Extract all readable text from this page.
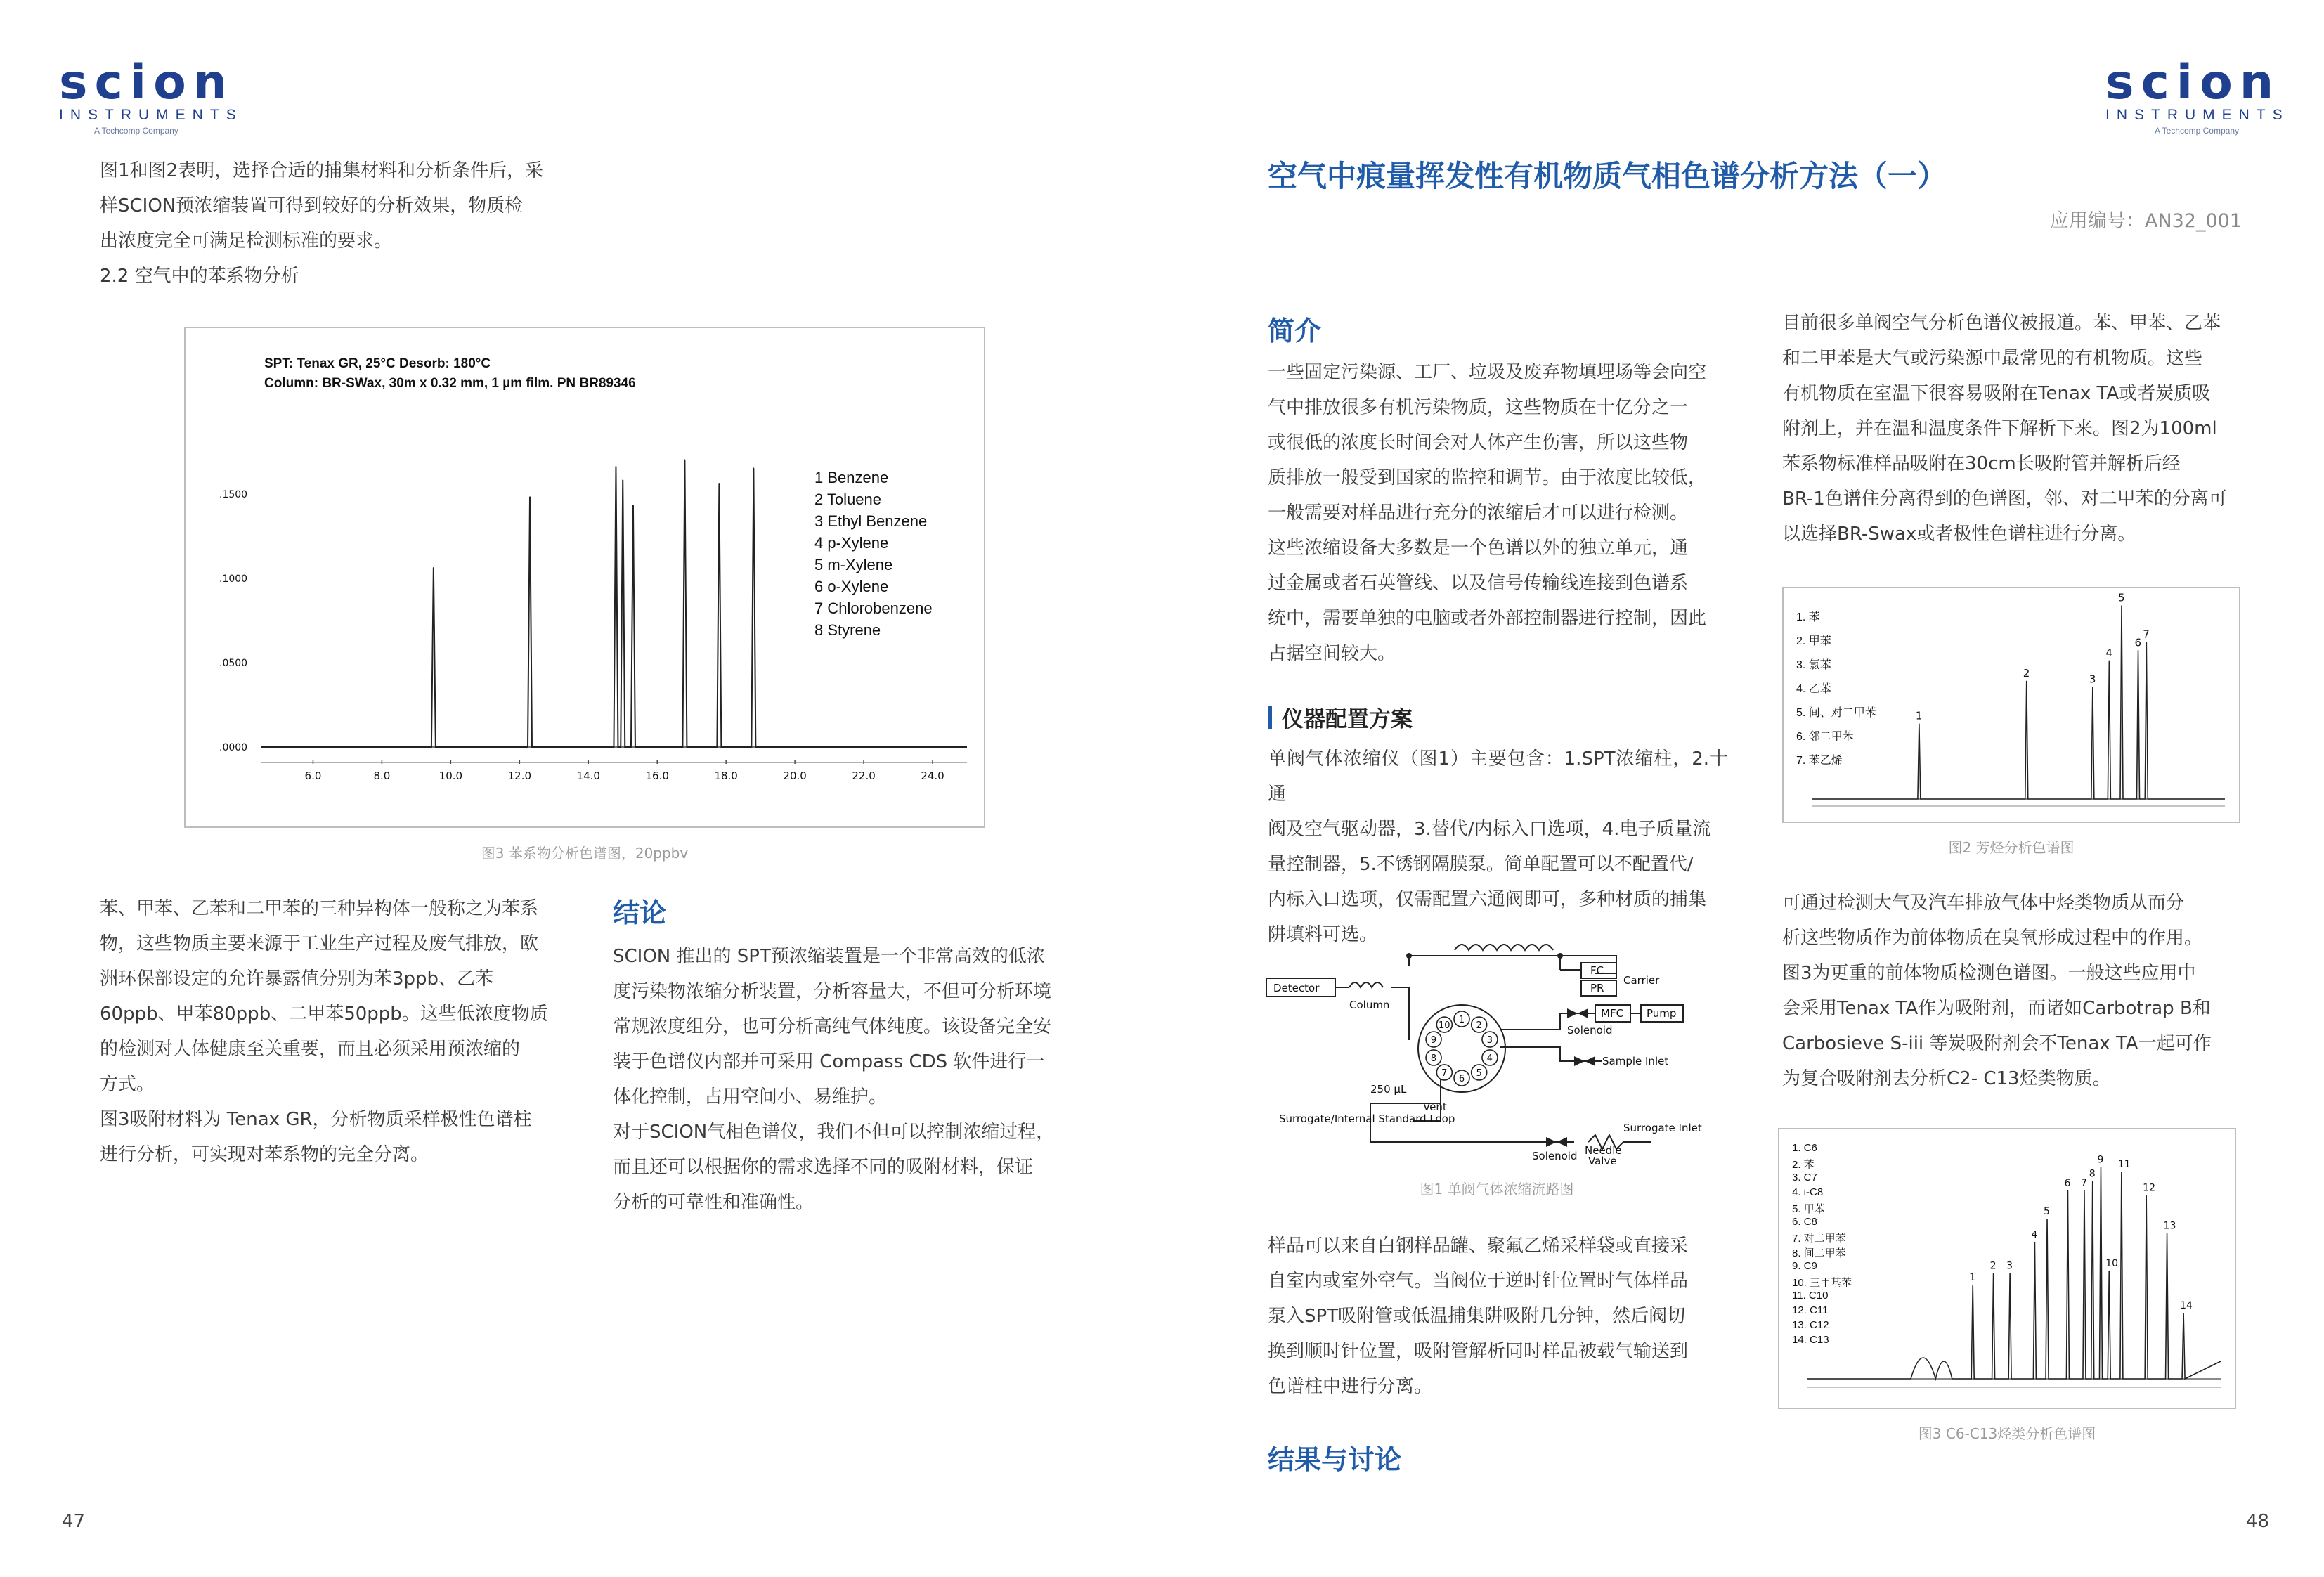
scion
INSTRUMENTS
A Techcomp Company

图1和图2表明，选择合适的捕集材料和分析条件后，采

样SCION预浓缩装置可得到较好的分析效果，物质检

出浓度完全可满足检测标准的要求。

2.2 空气中的苯系物分析

SPT: Tenax GR, 25°C Desorb: 180°C
Column: BR-SWax, 30m x 0.32 mm, 1 µm film. PN BR89346
6.0	8.0	10.0	12.0	14.0	16.0	18.0	20.0	22.0	24.0
.0000
.0500
.1000
.1500
1 Benzene
2 Toluene
3 Ethyl Benzene
4 p-Xylene
5 m-Xylene
6 o-Xylene
7 Chlorobenzene
8 Styrene
图3 苯系物分析色谱图，20ppbv

苯、甲苯、乙苯和二甲苯的三种异构体一般称之为苯系

物，这些物质主要来源于工业生产过程及废气排放，欧

洲环保部设定的允许暴露值分别为苯3ppb、乙苯

60ppb、甲苯80ppb、二甲苯50ppb。这些低浓度物质

的检测对人体健康至关重要，而且必须采用预浓缩的

方式。

图3吸附材料为 Tenax GR，分析物质采样极性色谱柱

进行分析，可实现对苯系物的完全分离。

结论

SCION 推出的 SPT预浓缩装置是一个非常高效的低浓

度污染物浓缩分析装置，分析容量大，不但可分析环境

常规浓度组分，也可分析高纯气体纯度。该设备完全安

装于色谱仪内部并可采用 Compass CDS 软件进行一

体化控制，占用空间小、易维护。

对于SCION气相色谱仪，我们不但可以控制浓缩过程，

而且还可以根据你的需求选择不同的吸附材料，保证

分析的可靠性和准确性。

47
scion
INSTRUMENTS
A Techcomp Company
空气中痕量挥发性有机物质气相色谱分析方法（一）
应用编号：AN32_001
简介

一些固定污染源、工厂、垃圾及废弃物填埋场等会向空

气中排放很多有机污染物质，这些物质在十亿分之一

或很低的浓度长时间会对人体产生伤害，所以这些物

质排放一般受到国家的监控和调节。由于浓度比较低，

一般需要对样品进行充分的浓缩后才可以进行检测。

这些浓缩设备大多数是一个色谱以外的独立单元，通

过金属或者石英管线、以及信号传输线连接到色谱系

统中，需要单独的电脑或者外部控制器进行控制，因此

占据空间较大。

仪器配置方案

单阀气体浓缩仪（图1）主要包含：1.SPT浓缩柱，2.十通

阀及空气驱动器，3.替代/内标入口选项，4.电子质量流

量控制器，5.不锈钢隔膜泵。简单配置可以不配置代/

内标入口选项，仅需配置六通阀即可，多种材质的捕集

阱填料可选。

Detector
Column
FC
PR
Carrier
MFC Pump
Solenoid
Sample Inlet
250 µL
Vent
Surrogate/Internal Standard Loop
Surrogate Inlet
Solenoid Needle
Valve
2
3
4
5
6
7
8
9
10
1
图1 单阀气体浓缩流路图

样品可以来自白钢样品罐、聚氟乙烯采样袋或直接采

自室内或室外空气。当阀位于逆时针位置时气体样品

泵入SPT吸附管或低温捕集阱吸附几分钟，然后阀切

换到顺时针位置，吸附管解析同时样品被载气输送到

色谱柱中进行分离。

结果与讨论

目前很多单阀空气分析色谱仪被报道。苯、甲苯、乙苯

和二甲苯是大气或污染源中最常见的有机物质。这些

有机物质在室温下很容易吸附在Tenax TA或者炭质吸

附剂上，并在温和温度条件下解析下来。图2为100ml

苯系物标准样品吸附在30cm长吸附管并解析后经

BR-1色谱住分离得到的色谱图，邻、对二甲苯的分离可

以选择BR-Swax或者极性色谱柱进行分离。

1
2	3
4
5
6
7
1. 苯
2. 甲苯
3. 氯苯
4. 乙苯
5. 间、对二甲苯
6. 邻二甲苯
7. 苯乙烯
图2 芳烃分析色谱图

可通过检测大气及汽车排放气体中烃类物质从而分

析这些物质作为前体物质在臭氧形成过程中的作用。

图3为更重的前体物质检测色谱图。一般这些应用中

会采用Tenax TA作为吸附剂，而诸如Carbotrap B和

Carbosieve S-iii 等炭吸附剂会不Tenax TA一起可作

为复合吸附剂去分析C2- C13烃类物质。

1
2 3
4
5
6 7
8
9
10
11
12
13
14
1. C6
2. 苯
3. C7
4. i-C8
5. 甲苯
6. C8
7. 对二甲苯
8. 间二甲苯
9. C9
10. 三甲基苯
11. C10
12. C11
13. C12
14. C13
图3 C6-C13烃类分析色谱图
48
